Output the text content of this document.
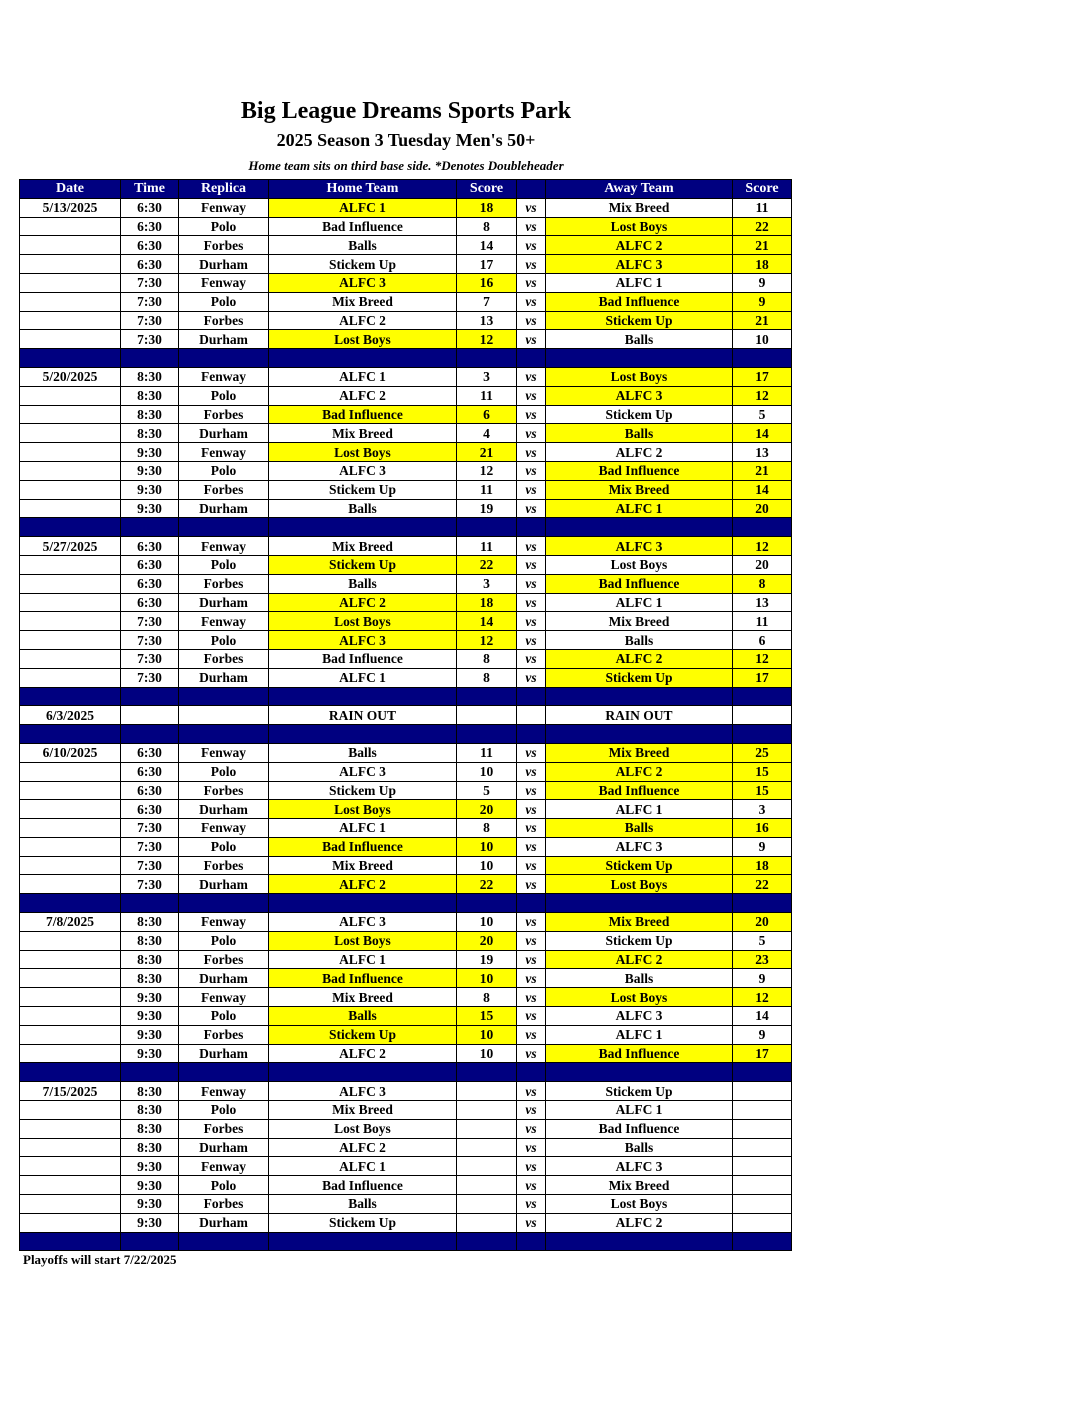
Big League Dreams Sports Park
2025 Season 3 Tuesday Men's 50+
Home team sits on third base side. *Denotes Doubleheader
Date	Time	Replica	Home Team	Score		Away Team	Score
5/13/2025	6:30	Fenway	ALFC 1	18	vs	Mix Breed	11
	6:30	Polo	Bad Influence	8	vs	Lost Boys	22
	6:30	Forbes	Balls	14	vs	ALFC 2	21
	6:30	Durham	Stickem Up	17	vs	ALFC 3	18
	7:30	Fenway	ALFC 3	16	vs	ALFC 1	9
	7:30	Polo	Mix Breed	7	vs	Bad Influence	9
	7:30	Forbes	ALFC 2	13	vs	Stickem Up	21
	7:30	Durham	Lost Boys	12	vs	Balls	10

5/20/2025	8:30	Fenway	ALFC 1	3	vs	Lost Boys	17
	8:30	Polo	ALFC 2	11	vs	ALFC 3	12
	8:30	Forbes	Bad Influence	6	vs	Stickem Up	5
	8:30	Durham	Mix Breed	4	vs	Balls	14
	9:30	Fenway	Lost Boys	21	vs	ALFC 2	13
	9:30	Polo	ALFC 3	12	vs	Bad Influence	21
	9:30	Forbes	Stickem Up	11	vs	Mix Breed	14
	9:30	Durham	Balls	19	vs	ALFC 1	20

5/27/2025	6:30	Fenway	Mix Breed	11	vs	ALFC 3	12
	6:30	Polo	Stickem Up	22	vs	Lost Boys	20
	6:30	Forbes	Balls	3	vs	Bad Influence	8
	6:30	Durham	ALFC 2	18	vs	ALFC 1	13
	7:30	Fenway	Lost Boys	14	vs	Mix Breed	11
	7:30	Polo	ALFC 3	12	vs	Balls	6
	7:30	Forbes	Bad Influence	8	vs	ALFC 2	12
	7:30	Durham	ALFC 1	8	vs	Stickem Up	17

6/3/2025			RAIN OUT			RAIN OUT	

6/10/2025	6:30	Fenway	Balls	11	vs	Mix Breed	25
	6:30	Polo	ALFC 3	10	vs	ALFC 2	15
	6:30	Forbes	Stickem Up	5	vs	Bad Influence	15
	6:30	Durham	Lost Boys	20	vs	ALFC 1	3
	7:30	Fenway	ALFC 1	8	vs	Balls	16
	7:30	Polo	Bad Influence	10	vs	ALFC 3	9
	7:30	Forbes	Mix Breed	10	vs	Stickem Up	18
	7:30	Durham	ALFC 2	22	vs	Lost Boys	22

7/8/2025	8:30	Fenway	ALFC 3	10	vs	Mix Breed	20
	8:30	Polo	Lost Boys	20	vs	Stickem Up	5
	8:30	Forbes	ALFC 1	19	vs	ALFC 2	23
	8:30	Durham	Bad Influence	10	vs	Balls	9
	9:30	Fenway	Mix Breed	8	vs	Lost Boys	12
	9:30	Polo	Balls	15	vs	ALFC 3	14
	9:30	Forbes	Stickem Up	10	vs	ALFC 1	9
	9:30	Durham	ALFC 2	10	vs	Bad Influence	17

7/15/2025	8:30	Fenway	ALFC 3		vs	Stickem Up	
	8:30	Polo	Mix Breed		vs	ALFC 1	
	8:30	Forbes	Lost Boys		vs	Bad Influence	
	8:30	Durham	ALFC 2		vs	Balls	
	9:30	Fenway	ALFC 1		vs	ALFC 3	
	9:30	Polo	Bad Influence		vs	Mix Breed	
	9:30	Forbes	Balls		vs	Lost Boys	
	9:30	Durham	Stickem Up		vs	ALFC 2	

Playoffs will start 7/22/2025
